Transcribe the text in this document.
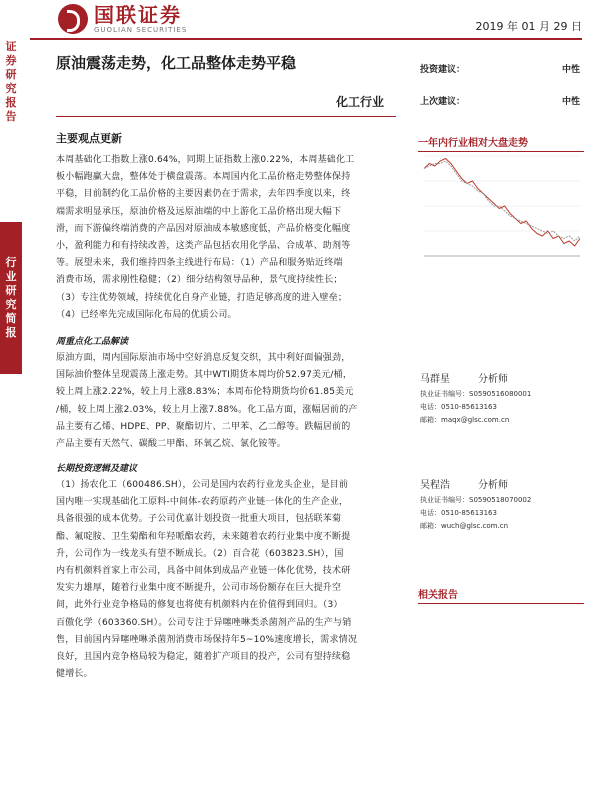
证
券
研
究
报
告
行
业
研
究
简
报
国联证券
GUOLIAN SECURITIES	2019 年 01 月 29 日
原油震荡走势，化工品整体走势平稳
化工行业
投资建议：	中性
上次建议：	中性
一年内行业相对大盘走势
马群星	分析师
执业证书编号：S0590516080001
电话：0510-85613163
邮箱：maqx@glsc.com.cn
吴程浩	分析师
执业证书编号：S0590518070002
电话：0510-85613163
邮箱：wuch@glsc.com.cn
相关报告
主要观点更新
本周基础化工指数上涨0.64%，同期上证指数上涨0.22%，本周基础化工
板小幅跑赢大盘，整体处于横盘震荡。本周国内化工品价格走势整体保持
平稳，目前制约化工品价格的主要因素仍在于需求，去年四季度以来，终
端需求明显承压，原油价格及远原油端的中上游化工品价格出现大幅下
滑，而下游偏终端消费的产品因对原油成本敏感度低，产品价格变化幅度
小，盈利能力和有持续改善，这类产品包括农用化学品、合成革、助剂等
等。展望未来，我们维持四条主线进行布局：（1）产品和服务贴近终端
消费市场，需求刚性稳健；（2）细分结构领导品种，景气度持续性长；
（3）专注优势领域，持续优化自身产业链，打造足够高度的进入壁垒；
（4）已经率先完成国际化布局的优质公司。
周重点化工品解读
原油方面，周内国际原油市场中空好消息反复交织，其中利好面偏强劲，
国际油价整体呈现震荡上涨走势。其中WTI期货本周均价52.97美元/桶，
较上周上涨2.22%，较上月上涨8.83%；本周布伦特期货均价61.85美元
/桶，较上周上涨2.03%，较上月上涨7.88%。化工品方面，涨幅居前的产
品主要有乙烯、HDPE、PP、聚酯切片、二甲苯、乙二醇等。跌幅居前的
产品主要有天然气、碳酸二甲酯、环氧乙烷、氯化铵等。
长期投资逻辑及建议
（1）扬农化工（600486.SH），公司是国内农药行业龙头企业，是目前
国内唯一实现基础化工原料-中间体-农药原药产业链一体化的生产企业，
具备很强的成本优势。子公司优嘉计划投资一批重大项目，包括联苯菊
酯、氟啶胺、卫生菊酯和年羟哌酯农药，未来随着农药行业集中度不断提
升，公司作为一线龙头有望不断成长。（2）百合花（603823.SH），国
内有机颜料首家上市公司，具备中间体到成品产业链一体化优势，技术研
发实力雄厚，随着行业集中度不断提升，公司市场份额存在巨大提升空
间，此外行业竞争格局的修复也将使有机颜料内在价值得到回归。（3）
百傲化学（603360.SH）。公司专注于异噻唑啉类杀菌剂产品的生产与销
售，目前国内异噻唑啉杀菌剂消费市场保持年5~10%速度增长，需求情况
良好，且国内竞争格局较为稳定，随着扩产项目的投产，公司有望持续稳
健增长。
